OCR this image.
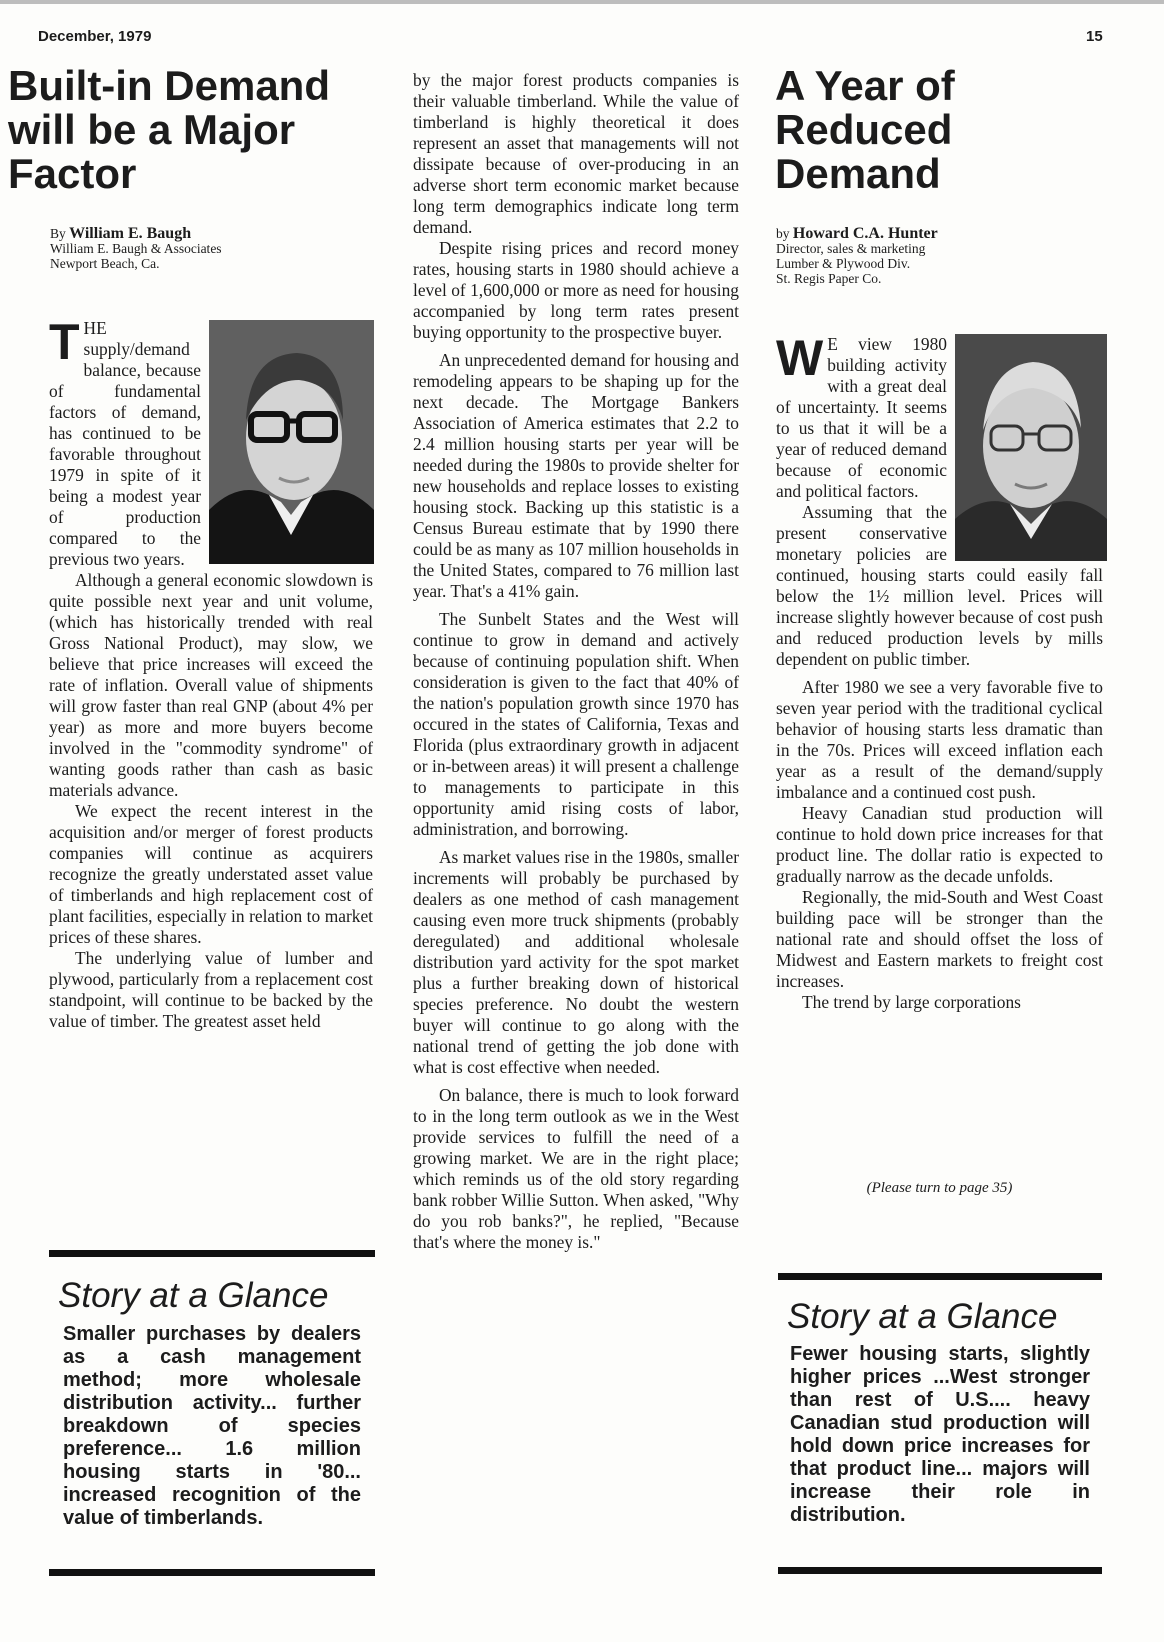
December, 1979	15
Built-in Demand
will be a Major
Factor
By William E. Baugh
William E. Baugh & Associates
Newport Beach, Ca.

THE supply/demand balance, because of fundamental factors of demand, has continued to be favorable throughout 1979 in spite of it being a modest year of production compared to the previous two years.

Although a general economic slowdown is quite possible next year and unit volume, (which has historically trended with real Gross National Product), may slow, we believe that price increases will exceed the rate of inflation. Overall value of shipments will grow faster than real GNP (about 4% per year) as more and more buyers become involved in the "commodity syndrome" of wanting goods rather than cash as basic materials advance.

We expect the recent interest in the acquisition and/or merger of forest products companies will continue as acquirers recognize the greatly understated asset value of timberlands and high replacement cost of plant facilities, especially in relation to market prices of these shares.

The underlying value of lumber and plywood, particularly from a replacement cost standpoint, will continue to be backed by the value of timber. The greatest asset held

Story at a Glance
Smaller purchases by dealers as a cash management method; more wholesale distribution activity... further breakdown of species preference... 1.6 million housing starts in '80... increased recognition of the value of timberlands.

by the major forest products companies is their valuable timberland. While the value of timberland is highly theoretical it does represent an asset that managements will not dissipate because of over-producing in an adverse short term economic market because long term demographics indicate long term demand.

Despite rising prices and record money rates, housing starts in 1980 should achieve a level of 1,600,000 or more as need for housing accompanied by long term rates present buying opportunity to the prospective buyer.

An unprecedented demand for housing and remodeling appears to be shaping up for the next decade. The Mortgage Bankers Association of America estimates that 2.2 to 2.4 million housing starts per year will be needed during the 1980s to provide shelter for new households and replace losses to existing housing stock. Backing up this statistic is a Census Bureau estimate that by 1990 there could be as many as 107 million households in the United States, compared to 76 million last year. That's a 41% gain.

The Sunbelt States and the West will continue to grow in demand and actively because of continuing population shift. When consideration is given to the fact that 40% of the nation's population growth since 1970 has occured in the states of California, Texas and Florida (plus extraordinary growth in adjacent or in-between areas) it will present a challenge to managements to participate in this opportunity amid rising costs of labor, administration, and borrowing.

As market values rise in the 1980s, smaller increments will probably be purchased by dealers as one method of cash management causing even more truck shipments (probably deregulated) and additional wholesale distribution yard activity for the spot market plus a further breaking down of historical species preference. No doubt the western buyer will continue to go along with the national trend of getting the job done with what is cost effective when needed.

On balance, there is much to look forward to in the long term outlook as we in the West provide services to fulfill the need of a growing market. We are in the right place; which reminds us of the old story regarding bank robber Willie Sutton. When asked, "Why do you rob banks?", he replied, "Because that's where the money is."

A Year of
Reduced
Demand
by Howard C.A. Hunter
Director, sales & marketing
Lumber & Plywood Div.
St. Regis Paper Co.

W E view 1980 building activity with a great deal of uncertainty. It seems to us that it will be a year of reduced demand because of economic and political factors.

Assuming that the present conservative monetary policies are continued, housing starts could easily fall below the 1½ million level. Prices will increase slightly however because of cost push and reduced production levels by mills dependent on public timber.

After 1980 we see a very favorable five to seven year period with the traditional cyclical behavior of housing starts less dramatic than in the 70s. Prices will exceed inflation each year as a result of the demand/supply imbalance and a continued cost push.

Heavy Canadian stud production will continue to hold down price increases for that product line. The dollar ratio is expected to gradually narrow as the decade unfolds.

Regionally, the mid-South and West Coast building pace will be stronger than the national rate and should offset the loss of Midwest and Eastern markets to freight cost increases.

The trend by large corporations

(Please turn to page 35)
Story at a Glance
Fewer housing starts, slightly higher prices ...West stronger than rest of U.S.... heavy Canadian stud production will hold down price increases for that product line... majors will increase their role in distribution.
